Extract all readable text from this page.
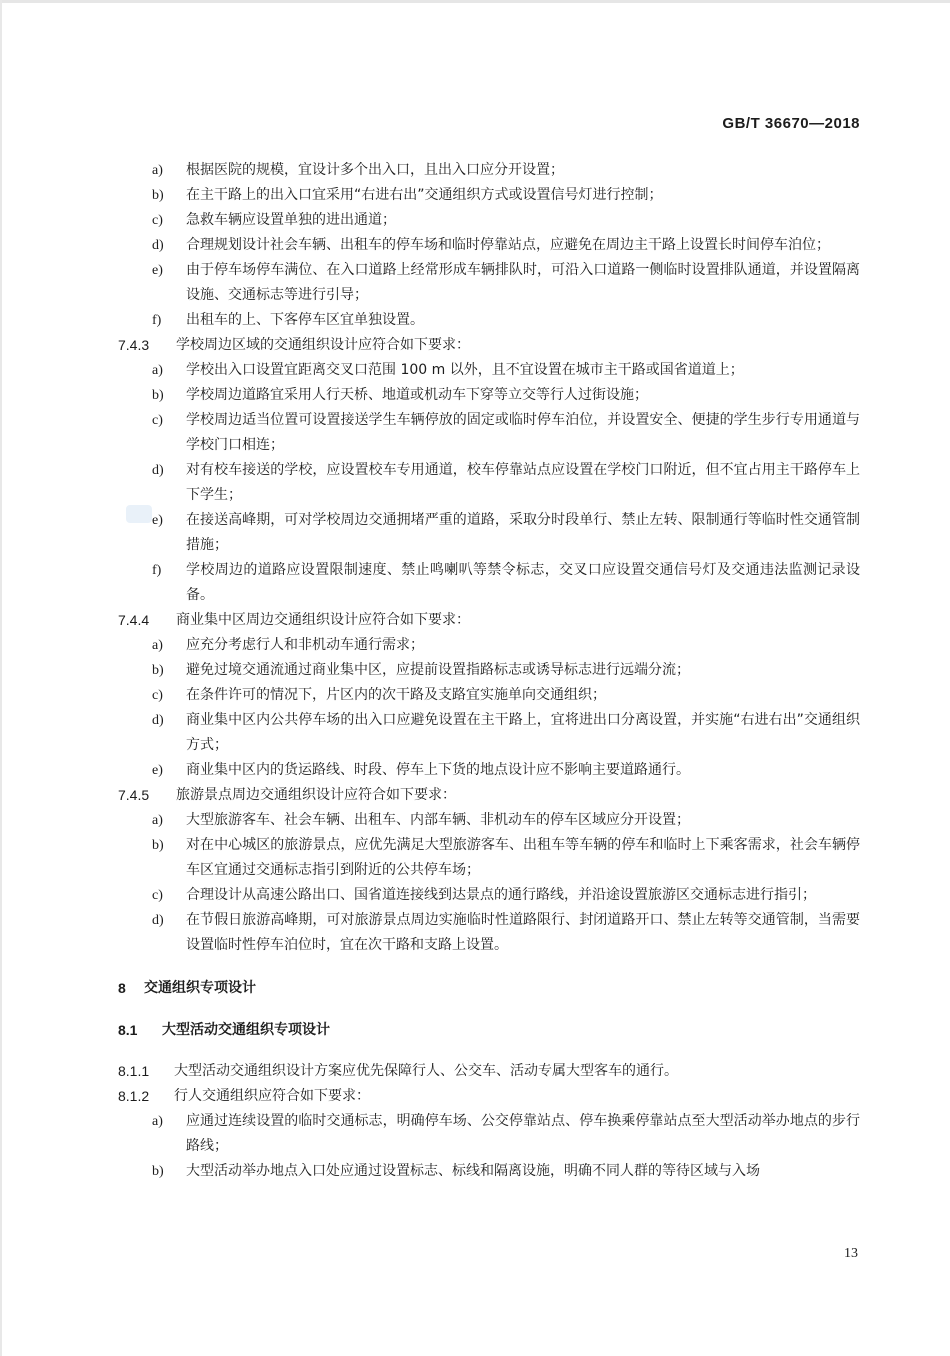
GB/T 36670—2018
a)	根据医院的规模，宜设计多个出入口，且出入口应分开设置；
b)	在主干路上的出入口宜采用“右进右出”交通组织方式或设置信号灯进行控制；
c)	急救车辆应设置单独的进出通道；
d)	合理规划设计社会车辆、出租车的停车场和临时停靠站点，应避免在周边主干路上设置长时间停车泊位；
e)	由于停车场停车满位、在入口道路上经常形成车辆排队时，可沿入口道路一侧临时设置排队通道，并设置隔离设施、交通标志等进行引导；
f)	出租车的上、下客停车区宜单独设置。
7.4.3	学校周边区域的交通组织设计应符合如下要求：
a)	学校出入口设置宜距离交叉口范围 100 m 以外，且不宜设置在城市主干路或国省道道上；
b)	学校周边道路宜采用人行天桥、地道或机动车下穿等立交等行人过街设施；
c)	学校周边适当位置可设置接送学生车辆停放的固定或临时停车泊位，并设置安全、便捷的学生步行专用通道与学校门口相连；
d)	对有校车接送的学校，应设置校车专用通道，校车停靠站点应设置在学校门口附近，但不宜占用主干路停车上下学生；
e)	在接送高峰期，可对学校周边交通拥堵严重的道路，采取分时段单行、禁止左转、限制通行等临时性交通管制措施；
f)	学校周边的道路应设置限制速度、禁止鸣喇叭等禁令标志，交叉口应设置交通信号灯及交通违法监测记录设备。
7.4.4	商业集中区周边交通组织设计应符合如下要求：
a)	应充分考虑行人和非机动车通行需求；
b)	避免过境交通流通过商业集中区，应提前设置指路标志或诱导标志进行远端分流；
c)	在条件许可的情况下，片区内的次干路及支路宜实施单向交通组织；
d)	商业集中区内公共停车场的出入口应避免设置在主干路上，宜将进出口分离设置，并实施“右进右出”交通组织方式；
e)	商业集中区内的货运路线、时段、停车上下货的地点设计应不影响主要道路通行。
7.4.5	旅游景点周边交通组织设计应符合如下要求：
a)	大型旅游客车、社会车辆、出租车、内部车辆、非机动车的停车区域应分开设置；
b)	对在中心城区的旅游景点，应优先满足大型旅游客车、出租车等车辆的停车和临时上下乘客需求，社会车辆停车区宜通过交通标志指引到附近的公共停车场；
c)	合理设计从高速公路出口、国省道连接线到达景点的通行路线，并沿途设置旅游区交通标志进行指引；
d)	在节假日旅游高峰期，可对旅游景点周边实施临时性道路限行、封闭道路开口、禁止左转等交通管制，当需要设置临时性停车泊位时，宜在次干路和支路上设置。
8	交通组织专项设计
8.1	大型活动交通组织专项设计
8.1.1	大型活动交通组织设计方案应优先保障行人、公交车、活动专属大型客车的通行。
8.1.2	行人交通组织应符合如下要求：
a)	应通过连续设置的临时交通标志，明确停车场、公交停靠站点、停车换乘停靠站点至大型活动举办地点的步行路线；
b)	大型活动举办地点入口处应通过设置标志、标线和隔离设施，明确不同人群的等待区域与入场
13
